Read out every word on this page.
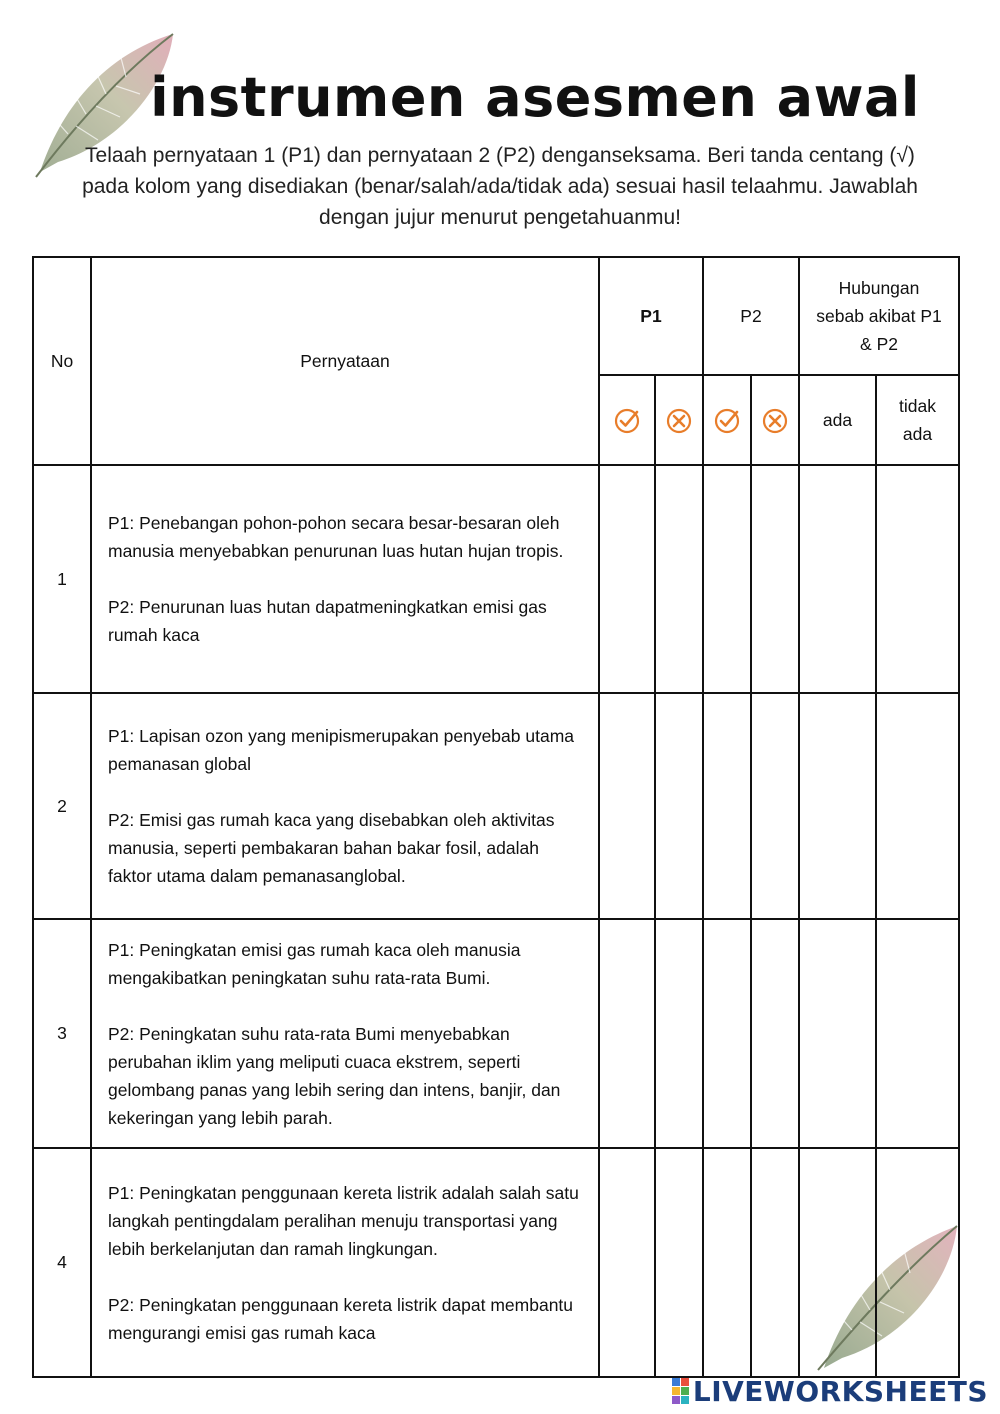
instrumen asesmen awal
Telaah pernyataan 1 (P1) dan pernyataan 2 (P2) denganseksama. Beri tanda centang (√) pada kolom yang disediakan (benar/salah/ada/tidak ada) sesuai hasil telaahmu. Jawablah dengan jujur menurut pengetahuanmu!
No	Pernyataan	P1		P2		Hubungan sebab akibat P1 & P2	
				ada	tidak ada
1	P1: Penebangan pohon-pohon secara besar-besaran oleh manusia menyebabkan penurunan luas hutan hujan tropis.

P2: Penurunan luas hutan dapatmeningkatkan emisi gas rumah kaca						

2	P1: Lapisan ozon yang menipismerupakan penyebab utama pemanasan global

P2: Emisi gas rumah kaca yang disebabkan oleh aktivitas manusia, seperti pembakaran bahan bakar fosil, adalah faktor utama dalam pemanasanglobal.						

3	P1: Peningkatan emisi gas rumah kaca oleh manusia mengakibatkan peningkatan suhu rata-rata Bumi.

P2: Peningkatan suhu rata-rata Bumi menyebabkan perubahan iklim yang meliputi cuaca ekstrem, seperti gelombang panas yang lebih sering dan intens, banjir, dan kekeringan yang lebih parah.						

4	P1: Peningkatan penggunaan kereta listrik adalah salah satu langkah pentingdalam peralihan menuju transportasi yang lebih berkelanjutan dan ramah lingkungan.

P2: Peningkatan penggunaan kereta listrik dapat membantu mengurangi emisi gas rumah kaca						

LIVEWORKSHEETS
